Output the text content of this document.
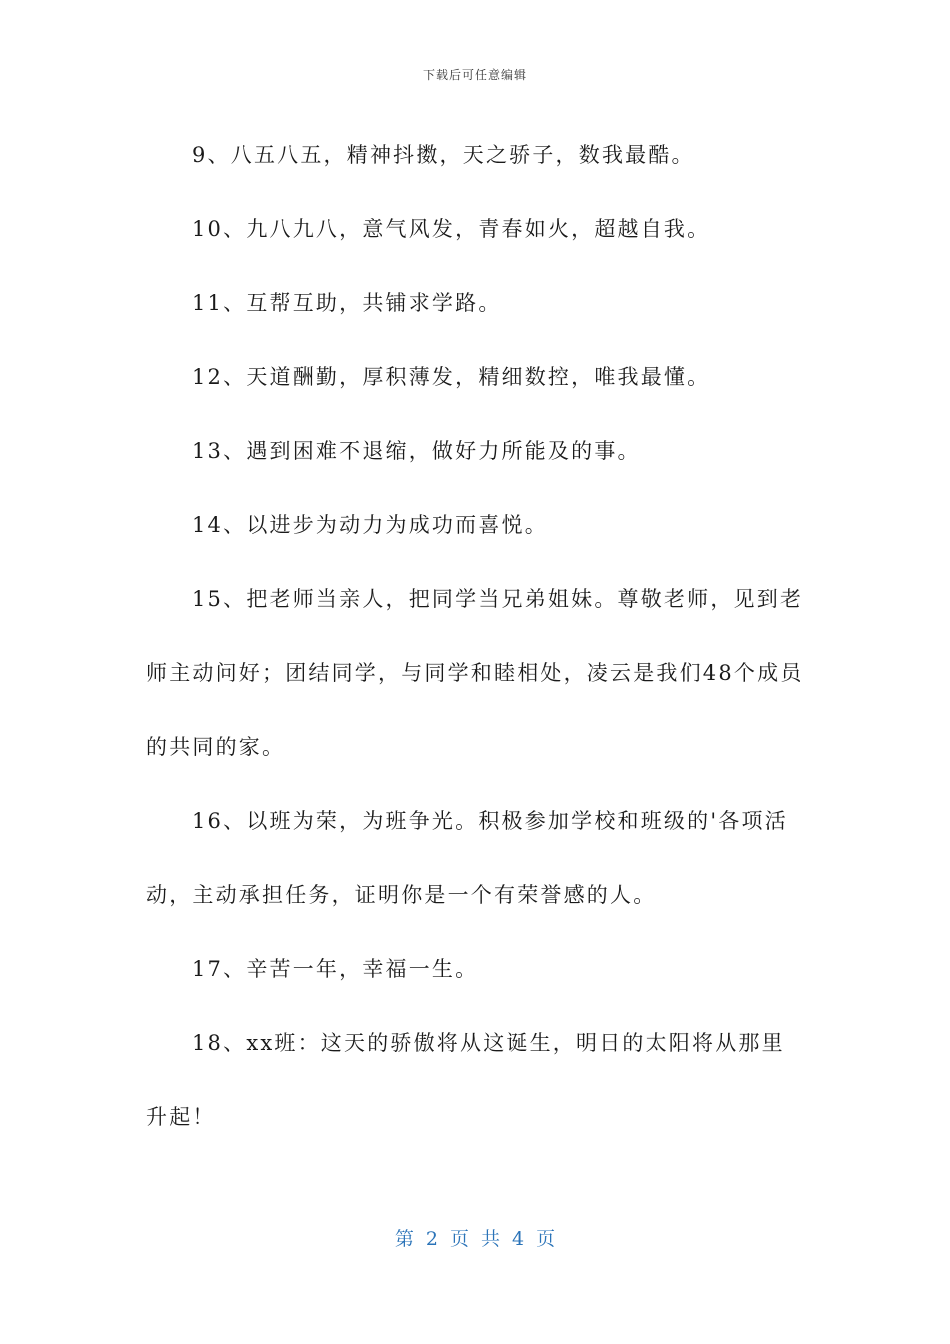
下载后可任意编辑

9、八五八五，精神抖擞，天之骄子，数我最酷。

10、九八九八，意气风发，青春如火，超越自我。

11、互帮互助，共铺求学路。

12、天道酬勤，厚积薄发，精细数控，唯我最懂。

13、遇到困难不退缩，做好力所能及的事。

14、以进步为动力为成功而喜悦。

15、把老师当亲人，把同学当兄弟姐妹。尊敬老师，见到老师主动问好；团结同学，与同学和睦相处，凌云是我们48个成员的共同的家。

16、以班为荣，为班争光。积极参加学校和班级的'各项活动，主动承担任务，证明你是一个有荣誉感的人。

17、辛苦一年，幸福一生。

18、xx班：这天的骄傲将从这诞生，明日的太阳将从那里升起！

第 2 页 共 4 页
